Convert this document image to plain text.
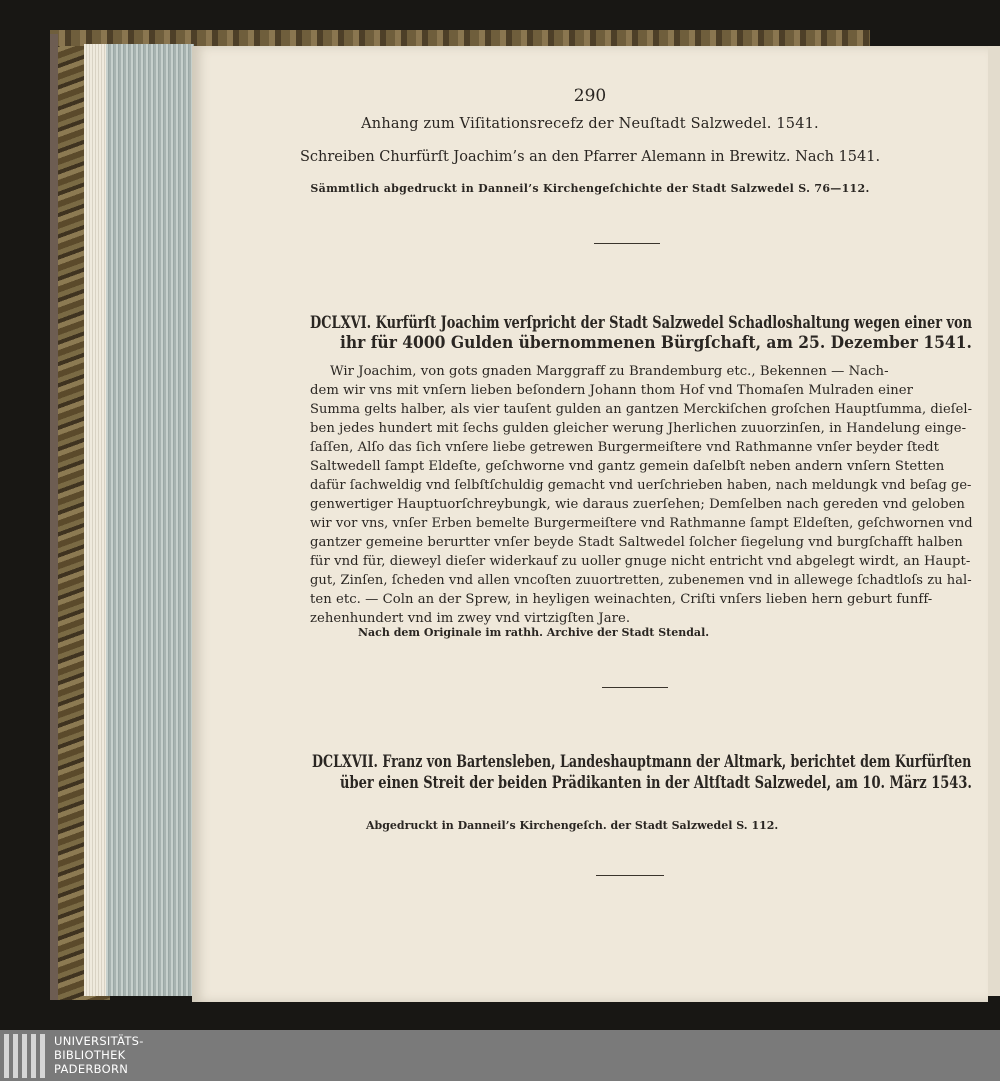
290
Anhang zum Viſitationsrecefz der Neuſtadt Salzwedel. 1541.
Schreiben Churfürſt Joachim’s an den Pfarrer Alemann in Brewitz. Nach 1541.
Sämmtlich abgedruckt in Danneil’s Kirchengeſchichte der Stadt Salzwedel S. 76—112.
DCLXVI. Kurfürſt Joachim verſpricht der Stadt Salzwedel Schadloshaltung wegen einer von
ihr für 4000 Gulden übernommenen Bürgſchaft, am 25. Dezember 1541.
Wir Joachim, von gots gnaden Marggraff zu Brandemburg etc., Bekennen — Nach-
dem wir vns mit vnſern lieben beſondern Johann thom Hof vnd Thomaſen Mulraden einer
Summa gelts halber, als vier tauſent gulden an gantzen Merckiſchen groſchen Hauptſumma, dieſel-
ben jedes hundert mit ſechs gulden gleicher werung Jherlichen zuuorzinſen, in Handelung einge-
ſaſſen, Alſo das ſich vnſere liebe getrewen Burgermeiſtere vnd Rathmanne vnſer beyder ſtedt
Saltwedell ſampt Eldeſte, geſchworne vnd gantz gemein daſelbſt neben andern vnſern Stetten
dafür ſachweldig vnd ſelbſtſchuldig gemacht vnd uerſchrieben haben, nach meldungk vnd beſag ge-
genwertiger Hauptuorſchreybungk, wie daraus zuerſehen; Demſelben nach gereden vnd geloben
wir vor vns, vnſer Erben bemelte Burgermeiſtere vnd Rathmanne ſampt Eldeſten, geſchwornen vnd
gantzer gemeine berurtter vnſer beyde Stadt Saltwedel ſolcher ſiegelung vnd burgſchafft halben
für vnd für, dieweyl dieſer widerkauf zu uoller gnuge nicht entricht vnd abgelegt wirdt, an Haupt-
gut, Zinſen, ſcheden vnd allen vncoſten zuuortretten, zubenemen vnd in allewege ſchadtloſs zu hal-
ten etc. — Coln an der Sprew, in heyligen weinachten, Criſti vnſers lieben hern geburt funff-
zehenhundert vnd im zwey vnd virtzigſten Jare.
Nach dem Originale im rathh. Archive der Stadt Stendal.
DCLXVII. Franz von Bartensleben, Landeshauptmann der Altmark, berichtet dem Kurfürſten
über einen Streit der beiden Prädikanten in der Altſtadt Salzwedel, am 10. März 1543.
Abgedruckt in Danneil’s Kirchengeſch. der Stadt Salzwedel S. 112.
UNIVERSITÄTS-
BIBLIOTHEK
PADERBORN
